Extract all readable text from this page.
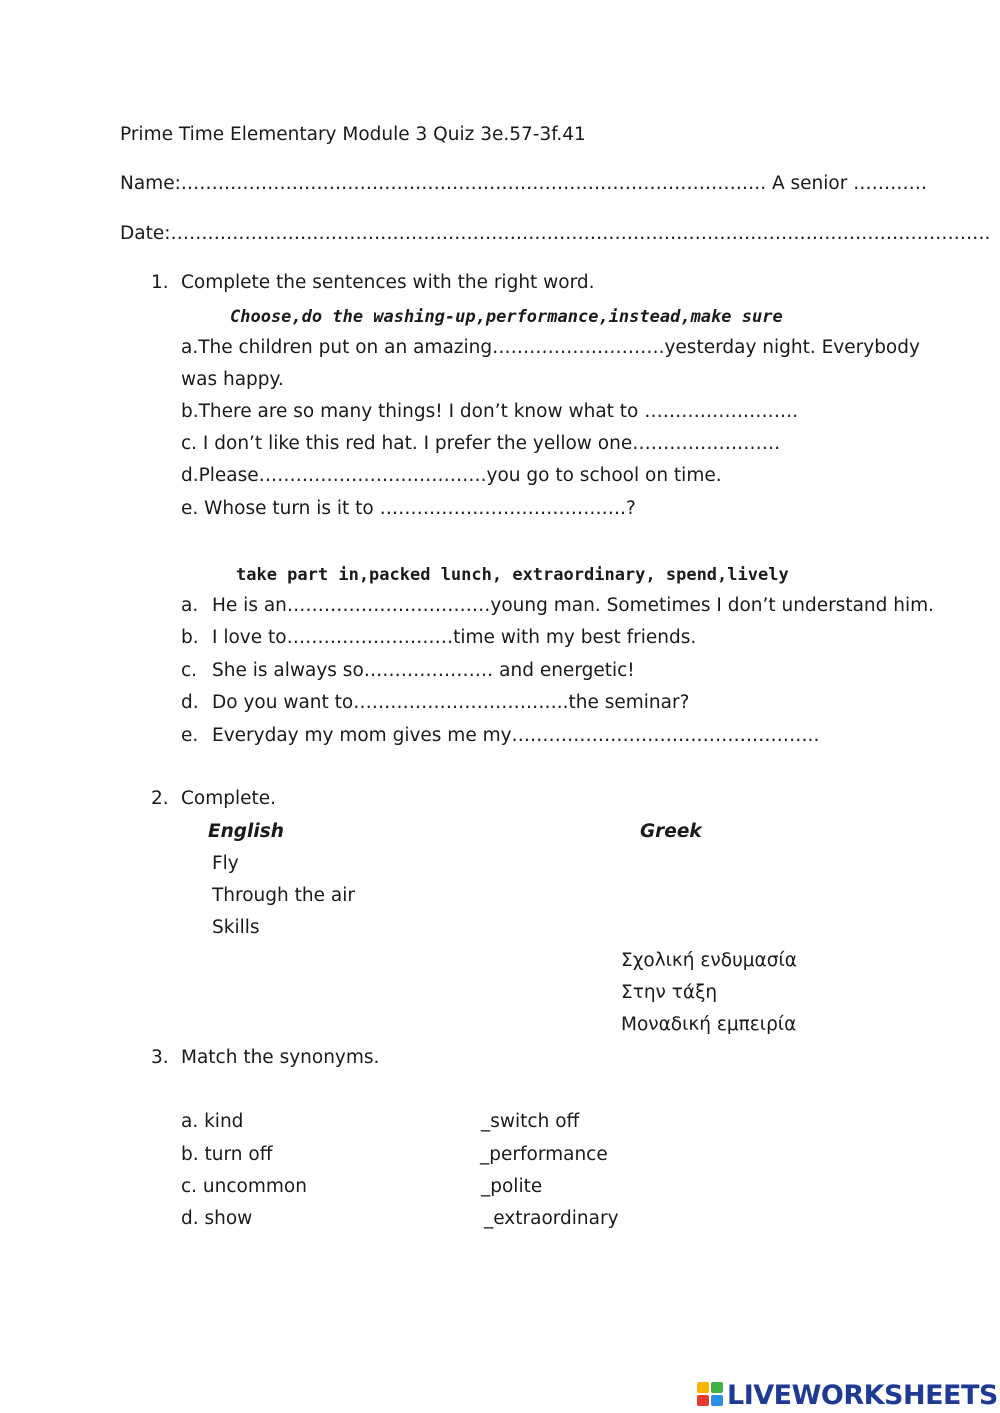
Prime Time Elementary Module 3 Quiz 3e.57-3f.41
Name:………………………………………………………………………………….. A senior …………
Date:…………………………………………………………………………………………………………………….
1. Complete the sentences with the right word.
Choose,do the washing-up,performance,instead,make sure
a.The children put on an amazing……………………….yesterday night. Everybody
was happy.
b.There are so many things! I don’t know what to …………………….
c. I don’t like this red hat. I prefer the yellow one……………………
d.Please……………………………….you go to school on time.
e. Whose turn is it to ………………………………….?
take part in,packed lunch, extraordinary, spend,lively
a. He is an……………………………young man. Sometimes I don’t understand him.
b. I love to………………………time with my best friends.
c. She is always so………………… and energetic!
d. Do you want to……………………………..the seminar?
e. Everyday my mom gives me my…………………………………………..
2. Complete.
English	Greek
Fly
Through the air
Skills
Σχολική ενδυμασία
Στην τάξη
Μοναδική εμπειρία
3. Match the synonyms.
a. kind
b. turn off
c. uncommon
d. show
_switch off
_performance
_polite
_extraordinary
LIVEWORKSHEETS
